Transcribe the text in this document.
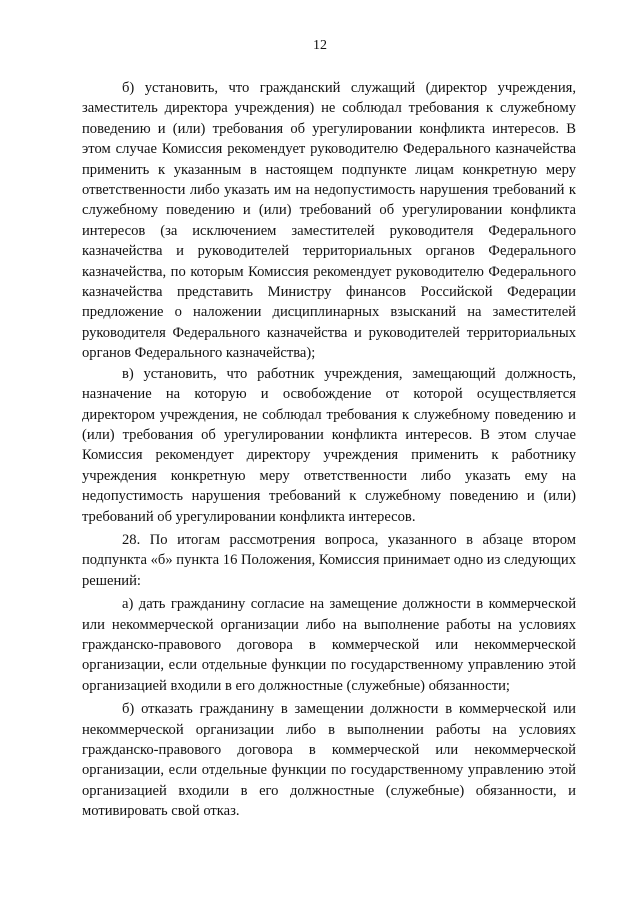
12

б) установить, что гражданский служащий (директор учреждения, заместитель директора учреждения) не соблюдал требования к служебному поведению и (или) требования об урегулировании конфликта интересов. В этом случае Комиссия рекомендует руководителю Федерального казначейства применить к указанным в настоящем подпункте лицам конкретную меру ответственности либо указать им на недопустимость нарушения требований к служебному поведению и (или) требований об урегулировании конфликта интересов (за исключением заместителей руководителя Федерального казначейства и руководителей территориальных органов Федерального казначейства, по которым Комиссия рекомендует руководителю Федерального казначейства представить Министру финансов Российской Федерации предложение о наложении дисциплинарных взысканий на заместителей руководителя Федерального казначейства и руководителей территориальных органов Федерального казначейства);

в) установить, что работник учреждения, замещающий должность, назначение на которую и освобождение от которой осуществляется директором учреждения, не соблюдал требования к служебному поведению и (или) требования об урегулировании конфликта интересов. В этом случае Комиссия рекомендует директору учреждения применить к работнику учреждения конкретную меру ответственности либо указать ему на недопустимость нарушения требований к служебному поведению и (или) требований об урегулировании конфликта интересов.

28. По итогам рассмотрения вопроса, указанного в абзаце втором подпункта «б» пункта 16 Положения, Комиссия принимает одно из следующих решений:

а) дать гражданину согласие на замещение должности в коммерческой или некоммерческой организации либо на выполнение работы на условиях гражданско-правового договора в коммерческой или некоммерческой организации, если отдельные функции по государственному управлению этой организацией входили в его должностные (служебные) обязанности;

б) отказать гражданину в замещении должности в коммерческой или некоммерческой организации либо в выполнении работы на условиях гражданско-правового договора в коммерческой или некоммерческой организации, если отдельные функции по государственному управлению этой организацией входили в его должностные (служебные) обязанности, и мотивировать свой отказ.
